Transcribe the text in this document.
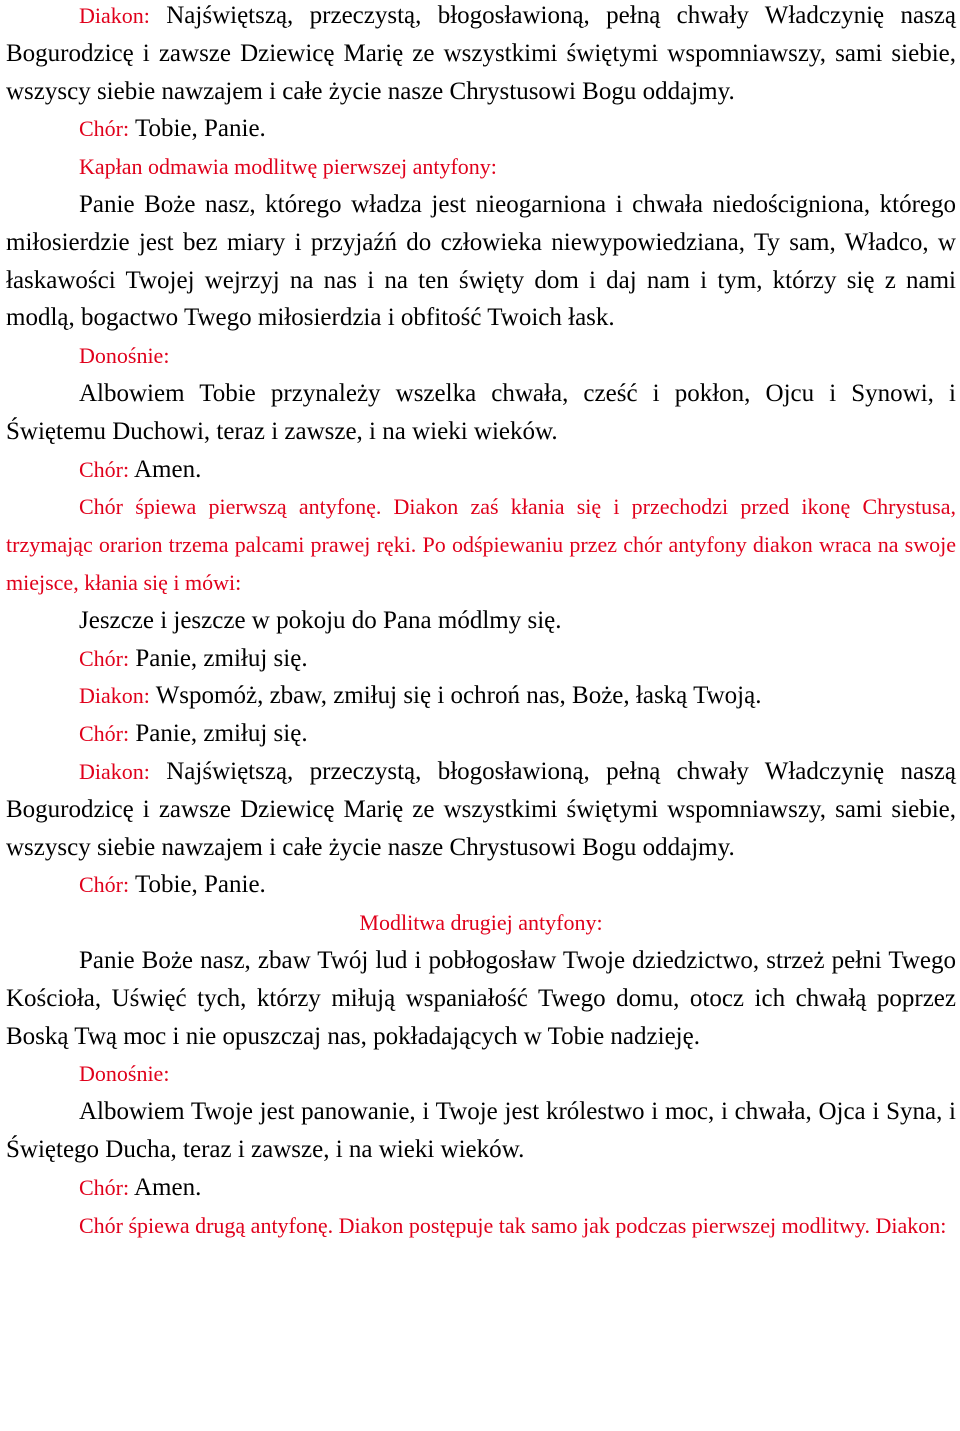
Diakon: Najświętszą, przeczystą, błogosławioną, pełną chwały Władczynię naszą Bogurodzicę i zawsze Dziewicę Marię ze wszystkimi świętymi wspomniawszy, sami siebie, wszyscy siebie nawzajem i całe życie nasze Chrystusowi Bogu oddajmy.

Chór: Tobie, Panie.

Kapłan odmawia modlitwę pierwszej antyfony:

Panie Boże nasz, którego władza jest nieogarniona i chwała niedościgniona, którego miłosierdzie jest bez miary i przyjaźń do człowieka niewypowiedziana, Ty sam, Władco, w łaskawości Twojej wejrzyj na nas i na ten święty dom i daj nam i tym, którzy się z nami modlą, bogactwo Twego miłosierdzia i obfitość Twoich łask.

Donośnie:

Albowiem Tobie przynależy wszelka chwała, cześć i pokłon, Ojcu i Synowi, i Świętemu Duchowi, teraz i zawsze, i na wieki wieków.

Chór: Amen.

Chór śpiewa pierwszą antyfonę. Diakon zaś kłania się i przechodzi przed ikonę Chrystusa, trzymając orarion trzema palcami prawej ręki. Po odśpiewaniu przez chór antyfony diakon wraca na swoje miejsce, kłania się i mówi:

Jeszcze i jeszcze w pokoju do Pana módlmy się.

Chór: Panie, zmiłuj się.

Diakon: Wspomóż, zbaw, zmiłuj się i ochroń nas, Boże, łaską Twoją.

Chór: Panie, zmiłuj się.

Diakon: Najświętszą, przeczystą, błogosławioną, pełną chwały Władczynię naszą Bogurodzicę i zawsze Dziewicę Marię ze wszystkimi świętymi wspomniawszy, sami siebie, wszyscy siebie nawzajem i całe życie nasze Chrystusowi Bogu oddajmy.

Chór: Tobie, Panie.

Modlitwa drugiej antyfony:

Panie Boże nasz, zbaw Twój lud i pobłogosław Twoje dziedzictwo, strzeż pełni Twego Kościoła, Uświęć tych, którzy miłują wspaniałość Twego domu, otocz ich chwałą poprzez Boską Twą moc i nie opuszczaj nas, pokładających w Tobie nadzieję.

Donośnie:

Albowiem Twoje jest panowanie, i Twoje jest królestwo i moc, i chwała, Ojca i Syna, i Świętego Ducha, teraz i zawsze, i na wieki wieków.

Chór: Amen.

Chór śpiewa drugą antyfonę. Diakon postępuje tak samo jak podczas pierwszej modlitwy. Diakon:
